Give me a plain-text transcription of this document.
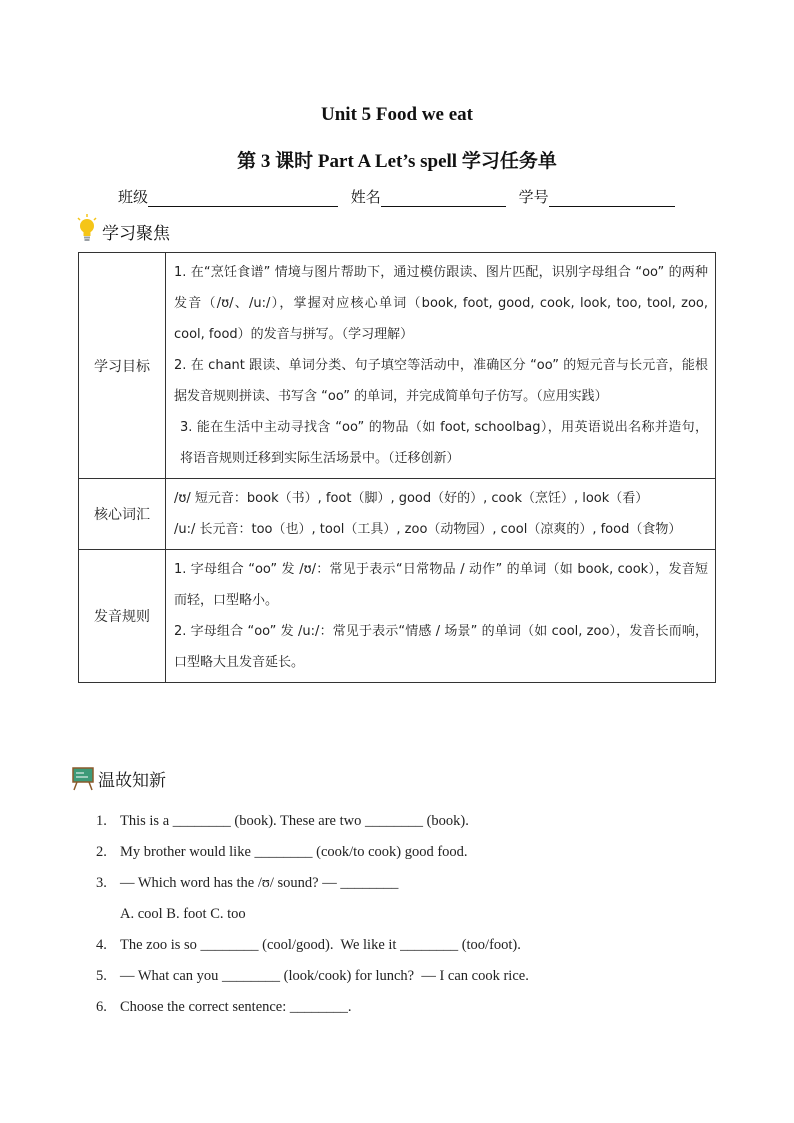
Unit 5 Food we eat
第 3 课时 Part A Let’s spell 学习任务单
班级	姓名	学号
学习聚焦
学习目标	1. 在“烹饪食谱” 情境与图片帮助下，通过模仿跟读、图片匹配，识别字母组合 “oo” 的两种发音（/ʊ/、/u:/），掌握对应核心单词（book, foot, good, cook, look, too, tool, zoo, cool, food）的发音与拼写。（学习理解）

2. 在 chant 跟读、单词分类、句子填空等活动中，准确区分 “oo” 的短元音与长元音，能根据发音规则拼读、书写含 “oo” 的单词，并完成简单句子仿写。（应用实践）

3. 能在生活中主动寻找含 “oo” 的物品（如 foot, schoolbag），用英语说出名称并造句，将语音规则迁移到实际生活场景中。（迁移创新）

核心词汇	/ʊ/ 短元音：book（书）, foot（脚）, good（好的）, cook（烹饪）, look（看）

/u:/ 长元音：too（也）, tool（工具）, zoo（动物园）, cool（凉爽的）, food（食物）

发音规则	1. 字母组合 “oo” 发 /ʊ/：常见于表示“日常物品 / 动作” 的单词（如 book, cook），发音短而轻，口型略小。

2. 字母组合 “oo” 发 /u:/：常见于表示“情感 / 场景” 的单词（如 cool, zoo），发音长而响，口型略大且发音延长。

温故知新
1. This is a ________ (book). These are two ________ (book).
2. My brother would like ________ (cook/to cook) good food.
3. — Which word has the /ʊ/ sound? — ________
A. cool B. foot C. too
4. The zoo is so ________ (cool/good).  We like it ________ (too/foot).
5. — What can you ________ (look/cook) for lunch?  — I can cook rice.
6. Choose the correct sentence: ________.
